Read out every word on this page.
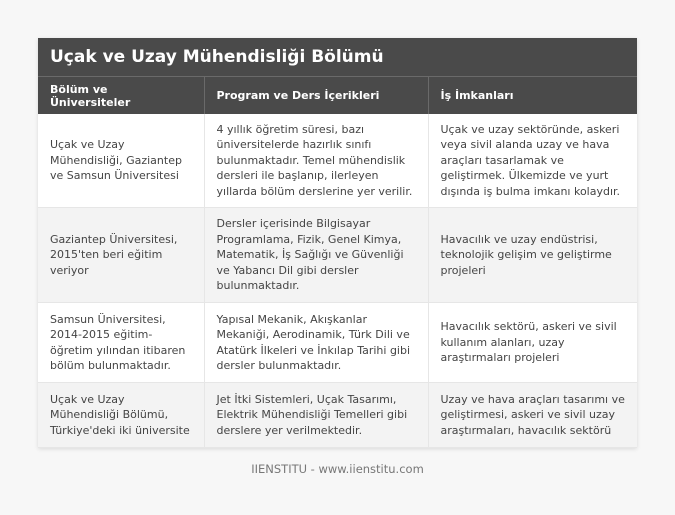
Uçak ve Uzay Mühendisliği Bölümü
Bölüm ve Üniversiteler	Program ve Ders İçerikleri	İş İmkanları
Uçak ve Uzay Mühendisliği, Gaziantep ve Samsun Üniversitesi	4 yıllık öğretim süresi, bazı üniversitelerde hazırlık sınıfı bulunmaktadır. Temel mühendislik dersleri ile başlanıp, ilerleyen yıllarda bölüm derslerine yer verilir.	Uçak ve uzay sektöründe, askeri veya sivil alanda uzay ve hava araçları tasarlamak ve geliştirmek. Ülkemizde ve yurt dışında iş bulma imkanı kolaydır.
Gaziantep Üniversitesi, 2015'ten beri eğitim veriyor	Dersler içerisinde Bilgisayar Programlama, Fizik, Genel Kimya, Matematik, İş Sağlığı ve Güvenliği ve Yabancı Dil gibi dersler bulunmaktadır.	Havacılık ve uzay endüstrisi, teknolojik gelişim ve geliştirme projeleri
Samsun Üniversitesi, 2014-2015 eğitim-öğretim yılından itibaren bölüm bulunmaktadır.	Yapısal Mekanik, Akışkanlar Mekaniği, Aerodinamik, Türk Dili ve Atatürk İlkeleri ve İnkılap Tarihi gibi dersler bulunmaktadır.	Havacılık sektörü, askeri ve sivil kullanım alanları, uzay araştırmaları projeleri
Uçak ve Uzay Mühendisliği Bölümü, Türkiye'deki iki üniversite	Jet İtki Sistemleri, Uçak Tasarımı, Elektrik Mühendisliği Temelleri gibi derslere yer verilmektedir.	Uzay ve hava araçları tasarımı ve geliştirmesi, askeri ve sivil uzay araştırmaları, havacılık sektörü
IIENSTITU - www.iienstitu.com
